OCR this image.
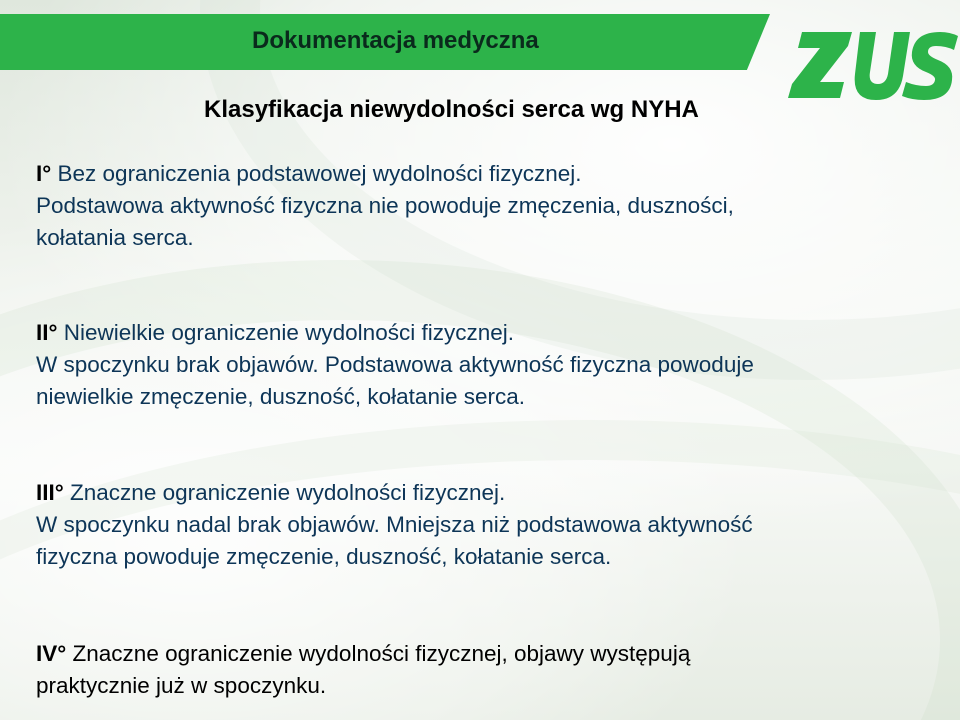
Dokumentacja medyczna
Klasyfikacja niewydolności serca wg NYHA
I° Bez ograniczenia podstawowej wydolności fizycznej.
Podstawowa aktywność fizyczna nie powoduje zmęczenia, duszności,
kołatania serca.
II° Niewielkie ograniczenie wydolności fizycznej.
W spoczynku brak objawów. Podstawowa aktywność fizyczna powoduje
niewielkie zmęczenie, duszność, kołatanie serca.
III° Znaczne ograniczenie wydolności fizycznej.
W spoczynku nadal brak objawów. Mniejsza niż podstawowa aktywność
fizyczna powoduje zmęczenie, duszność, kołatanie serca.
IV° Znaczne ograniczenie wydolności fizycznej, objawy występują
praktycznie już w spoczynku.
